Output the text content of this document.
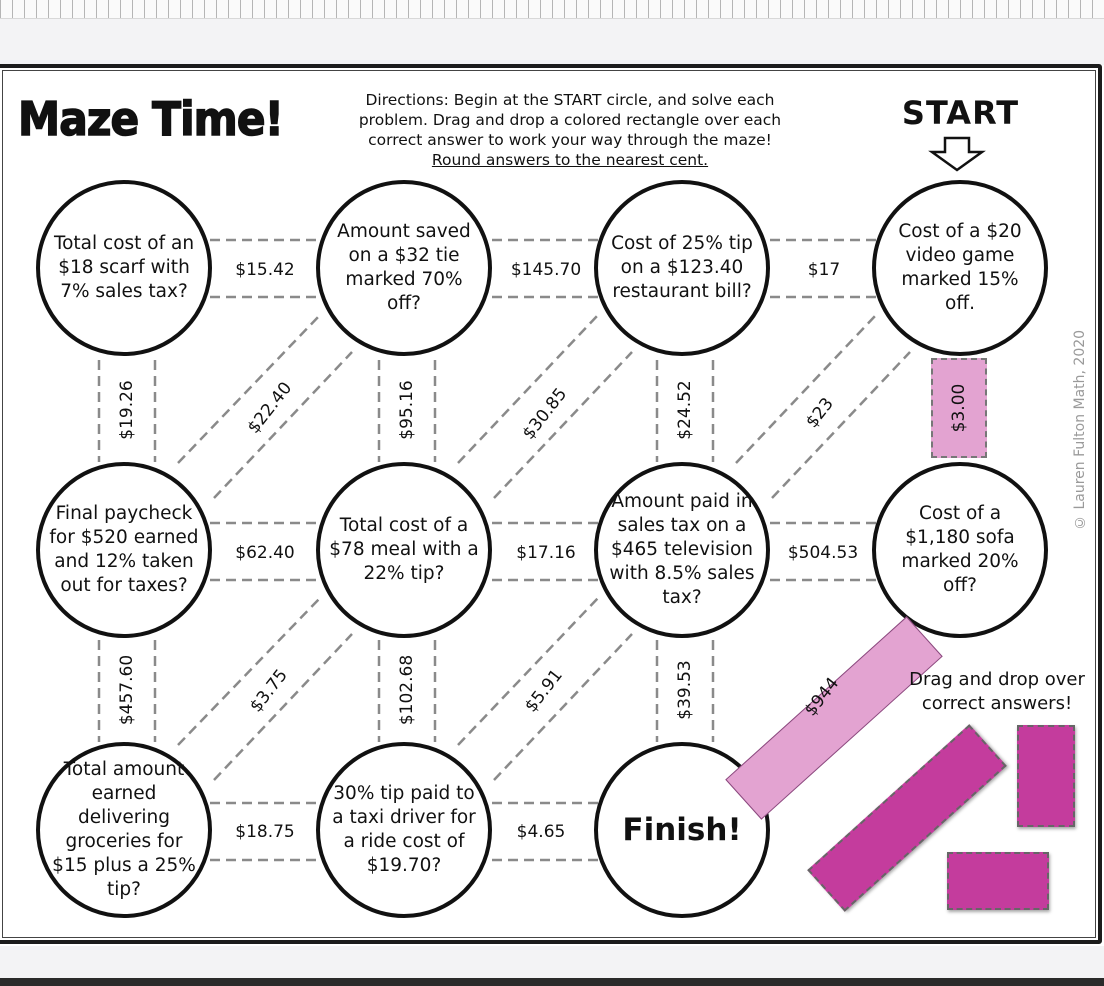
Maze Time!	Directions: Begin at the START circle, and solve each problem. Drag and drop a colored rectangle over each correct answer to work your way through the maze!
Round answers to the nearest cent.
START
© Lauren Fulton Math, 2020
Total cost of an $18 scarf with 7% sales tax?
Amount saved on a $32 tie marked 70% off?
Cost of 25% tip on a $123.40 restaurant bill?
Cost of a $20 video game marked 15% off.
Final paycheck for $520 earned and 12% taken out for taxes?
Total cost of a $78 meal with a 22% tip?
Amount paid in sales tax on a $465 television with 8.5% sales tax?
Cost of a $1,180 sofa marked 20% off?
Total amount earned delivering groceries for $15 plus a 25% tip?
30% tip paid to a taxi driver for a ride cost of $19.70?
Finish!
$15.42	$145.70	$17
$62.40	$17.16	$504.53
$18.75	$4.65
$19.26	$95.16	$24.52	$3.00
$457.60	$102.68	$39.53
$22.40	$30.85	$23
$3.75	$5.91	$944	Drag and drop over correct answers!
